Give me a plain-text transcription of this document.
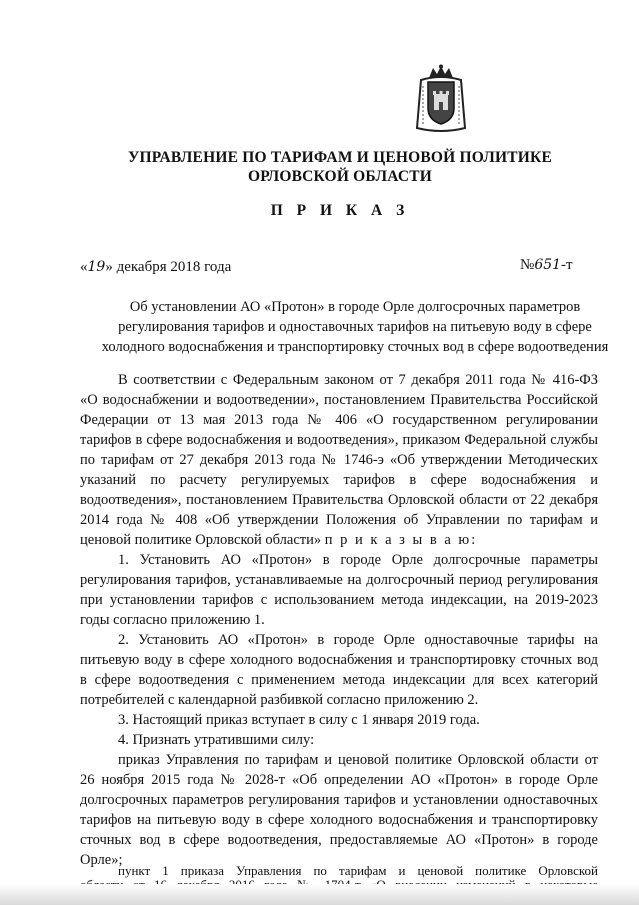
УПРАВЛЕНИЕ ПО ТАРИФАМ И ЦЕНОВОЙ ПОЛИТИКЕ
ОРЛОВСКОЙ ОБЛАСТИ
П Р И К А З
«19» декабря 2018 года	№651-т
Об установлении АО «Протон» в городе Орле долгосрочных параметров
регулирования тарифов и одноставочных тарифов на питьевую воду в сфере
холодного водоснабжения и транспортировку сточных вод в сфере водоотведения
В соответствии с Федеральным законом от 7 декабря 2011 года № 416-ФЗ
«О водоснабжении и водоотведении», постановлением Правительства Российской
Федерации от 13 мая 2013 года № 406 «О государственном регулировании
тарифов в сфере водоснабжения и водоотведения», приказом Федеральной службы
по тарифам от 27 декабря 2013 года № 1746-э «Об утверждении Методических
указаний по расчету регулируемых тарифов в сфере водоснабжения и
водоотведения», постановлением Правительства Орловской области от 22 декабря
2014 года № 408 «Об утверждении Положения об Управлении по тарифам и
ценовой политике Орловской области» п р и к а з ы в а ю:
1. Установить АО «Протон» в городе Орле долгосрочные параметры
регулирования тарифов, устанавливаемые на долгосрочный период регулирования
при установлении тарифов с использованием метода индексации, на 2019-2023
годы согласно приложению 1.
2. Установить АО «Протон» в городе Орле одноставочные тарифы на
питьевую воду в сфере холодного водоснабжения и транспортировку сточных вод
в сфере водоотведения с применением метода индексации для всех категорий
потребителей с календарной разбивкой согласно приложению 2.
3. Настоящий приказ вступает в силу с 1 января 2019 года.
4. Признать утратившими силу:
приказ Управления по тарифам и ценовой политике Орловской области от
26 ноября 2015 года № 2028-т «Об определении АО «Протон» в городе Орле
долгосрочных параметров регулирования тарифов и установлении одноставочных
тарифов на питьевую воду в сфере холодного водоснабжения и транспортировку
сточных вод в сфере водоотведения, предоставляемые АО «Протон» в городе
Орле»;
пункт 1 приказа Управления по тарифам и ценовой политике Орловской
